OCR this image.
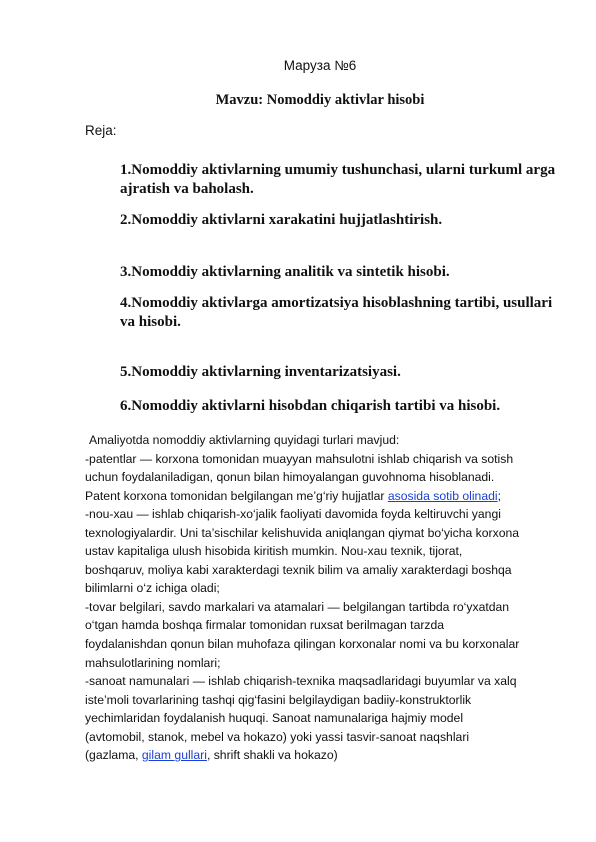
Маруза №6
Mavzu: Nomoddiy aktivlar hisobi
Reja:
1.Nomoddiy aktivlarning umumiy tushunchasi, ularni turkuml arga ajratish va baholash.
2.Nomoddiy aktivlarni xarakatini hujjatlashtirish.
3.Nomoddiy aktivlarning analitik va sintetik hisobi.
4.Nomoddiy aktivlarga amortizatsiya hisoblashning tartibi, usullari va hisobi.
5.Nomoddiy aktivlarning inventarizatsiyasi.
6.Nomoddiy aktivlarni hisobdan chiqarish tartibi va hisobi.
Amaliyotda nomoddiy aktivlarning quyidagi turlari mavjud:
-patentlar — korxona tomonidan muayyan mahsulotni ishlab chiqarish va sotish
uchun foydalaniladigan, qonun bilan himoyalangan guvohnoma hisoblanadi.
Patent korxona tomonidan belgilangan me’g‘riy hujjatlar asosida sotib olinadi;
-nou-xau — ishlab chiqarish-xo‘jalik faoliyati davomida foyda keltiruvchi yangi
texnologiyalardir. Uni ta’sischilar kelishuvida aniqlangan qiymat bo‘yicha korxona
ustav kapitaliga ulush hisobida kiritish mumkin. Nou-xau texnik, tijorat,
boshqaruv, moliya kabi xarakterdagi texnik bilim va amaliy xarakterdagi boshqa
bilimlarni o‘z ichiga oladi;
-tovar belgilari, savdo markalari va atamalari — belgilangan tartibda ro‘yxatdan
o‘tgan hamda boshqa firmalar tomonidan ruxsat berilmagan tarzda
foydalanishdan qonun bilan muhofaza qilingan korxonalar nomi va bu korxonalar
mahsulotlarining nomlari;
-sanoat namunalari — ishlab chiqarish-texnika maqsadlaridagi buyumlar va xalq
iste’moli tovarlarining tashqi qig‘fasini belgilaydigan badiiy-konstruktorlik
yechimlaridan foydalanish huquqi. Sanoat namunalariga hajmiy model
(avtomobil, stanok, mebel va hokazo) yoki yassi tasvir-sanoat naqshlari
(gazlama, gilam gullari, shrift shakli va hokazo)
